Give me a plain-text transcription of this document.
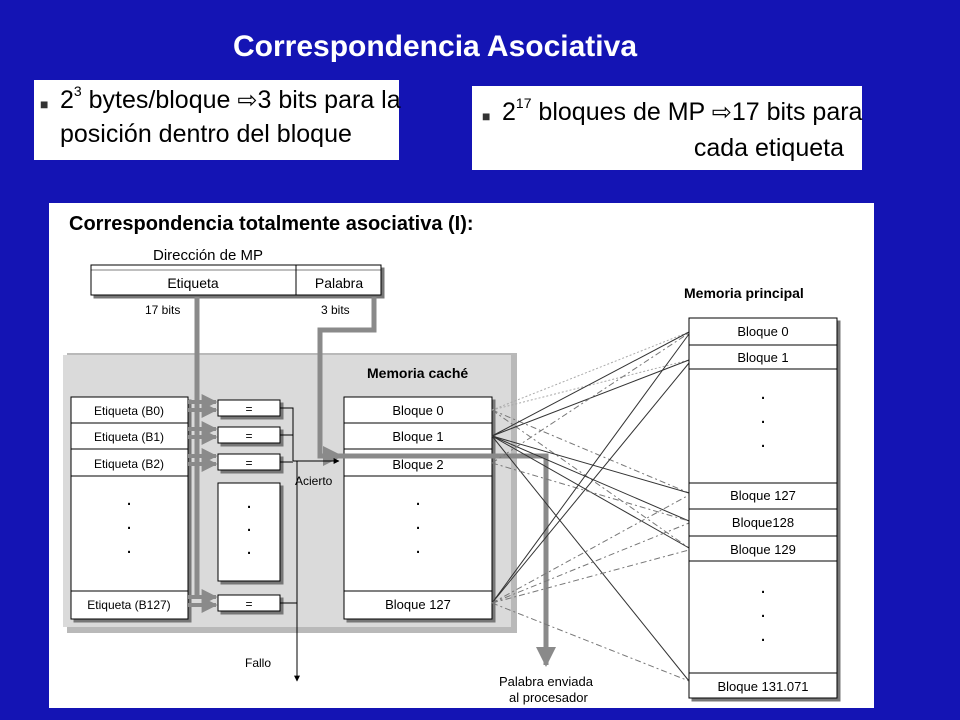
Correspondencia Asociativa
■ $2^3$ bytes/bloque ⇨3 bits para la
posición dentro del bloque
■ $2^{17}$ bloques de MP ⇨17 bits para
cada etiqueta
Correspondencia totalmente asociativa (I):
Dirección de MP
Etiqueta	Palabra
17 bits	3 bits
Memoria caché
Etiqueta (B0)
Etiqueta (B1)
Etiqueta (B2)
Etiqueta (B127)
.
.
.
=
=
=
=
.
.
.
Acierto
Fallo
Bloque 0
Bloque 1
Bloque 2
Bloque 127
.
.
.
Palabra enviada
al procesador
Memoria principal
Bloque 0
Bloque 1
Bloque 127
Bloque128
Bloque 129
Bloque 131.071
.
.
.
.
.
.
